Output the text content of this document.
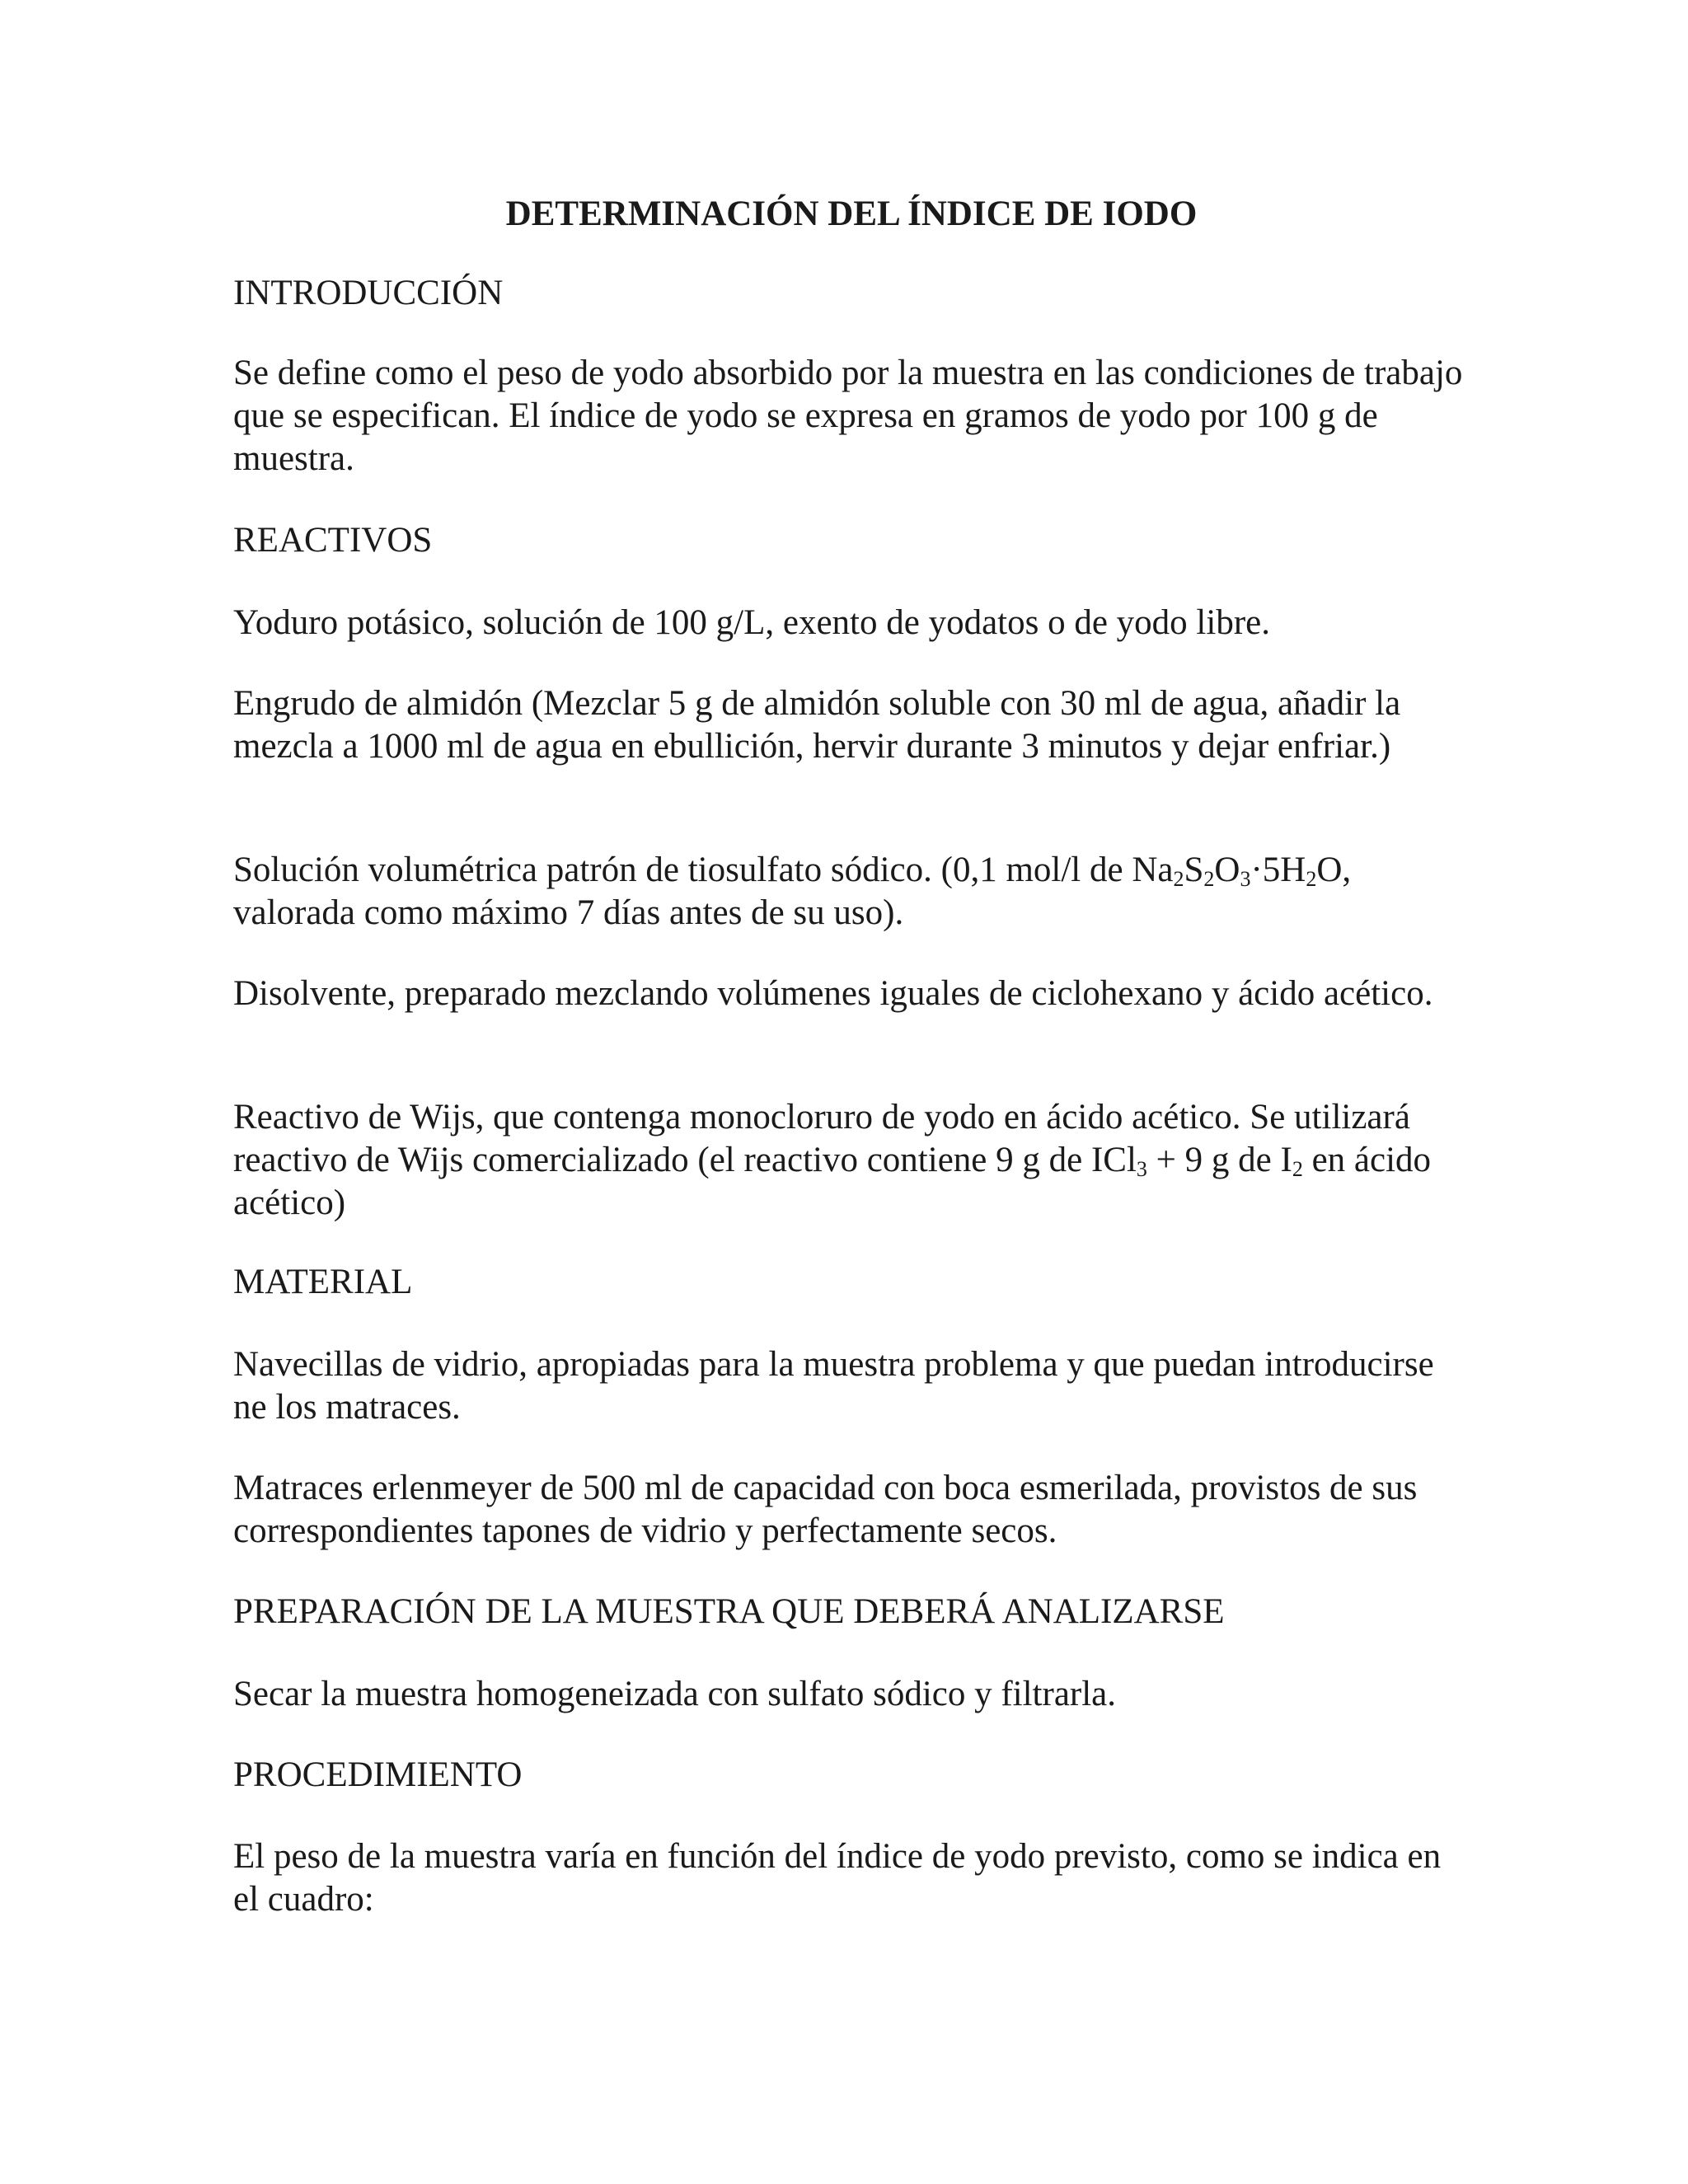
DETERMINACIÓN DEL ÍNDICE DE IODO

INTRODUCCIÓN

Se define como el peso de yodo absorbido por la muestra en las condiciones de trabajo que se especifican. El índice de yodo se expresa en gramos de yodo por 100 g de muestra.

REACTIVOS

Yoduro potásico, solución de 100 g/L, exento de yodatos o de yodo libre.

Engrudo de almidón (Mezclar 5 g de almidón soluble con 30 ml de agua, añadir la mezcla a 1000 ml de agua en ebullición, hervir durante 3 minutos y dejar enfriar.)

Solución volumétrica patrón de tiosulfato sódico. (0,1 mol/l de $Na_2S_2O_3\cdot 5H_2O$, valorada como máximo 7 días antes de su uso).

Disolvente, preparado mezclando volúmenes iguales de ciclohexano y ácido acético.

Reactivo de Wijs, que contenga monocloruro de yodo en ácido acético. Se utilizará reactivo de Wijs comercializado (el reactivo contiene 9 g de ICl$_3$ + 9 g de $I_2$ en ácido acético)

MATERIAL

Navecillas de vidrio, apropiadas para la muestra problema y que puedan introducirse ne los matraces.

Matraces erlenmeyer de 500 ml de capacidad con boca esmerilada, provistos de sus correspondientes tapones de vidrio y perfectamente secos.

PREPARACIÓN DE LA MUESTRA QUE DEBERÁ ANALIZARSE

Secar la muestra homogeneizada con sulfato sódico y filtrarla.

PROCEDIMIENTO

El peso de la muestra varía en función del índice de yodo previsto, como se indica en el cuadro:
